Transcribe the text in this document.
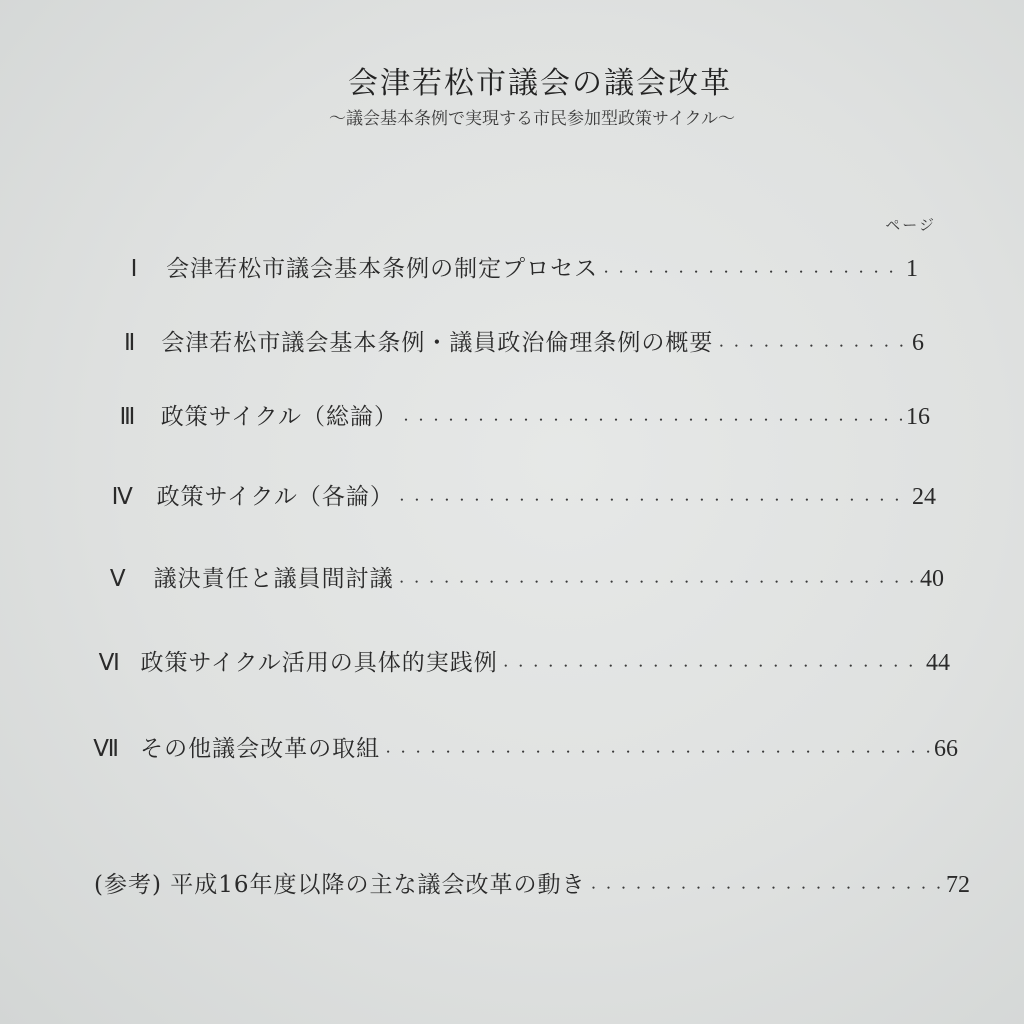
会津若松市議会の議会改革
～議会基本条例で実現する市民参加型政策サイクル～
ページ
Ⅰ 会津若松市議会基本条例の制定プロセス ・・・・・・・・・・・・・・・・・・・・・・・・・・・・・・・・・・・・・・・・・・・・・・・・・・	1
Ⅱ 会津若松市議会基本条例・議員政治倫理条例の概要 ・・・・・・・・・・・・・・・・・・・・・・・・・・・・・・・・・・・・・・・・・・・・・・・・・・	6
Ⅲ 政策サイクル（総論） ・・・・・・・・・・・・・・・・・・・・・・・・・・・・・・・・・・・・・・・・・・・・・・・・・・	16
Ⅳ 政策サイクル（各論） ・・・・・・・・・・・・・・・・・・・・・・・・・・・・・・・・・・・・・・・・・・・・・・・・・・	24
Ⅴ 議決責任と議員間討議 ・・・・・・・・・・・・・・・・・・・・・・・・・・・・・・・・・・・・・・・・・・・・・・・・・・	40
Ⅵ 政策サイクル活用の具体的実践例 ・・・・・・・・・・・・・・・・・・・・・・・・・・・・・・・・・・・・・・・・・・・・・・・・・・	44
Ⅶ その他議会改革の取組 ・・・・・・・・・・・・・・・・・・・・・・・・・・・・・・・・・・・・・・・・・・・・・・・・・・	66
(参考) 平成16年度以降の主な議会改革の動き ・・・・・・・・・・・・・・・・・・・・・・・・・・・・・・・・・・・・・・・・・・・・・・・・・・	72
